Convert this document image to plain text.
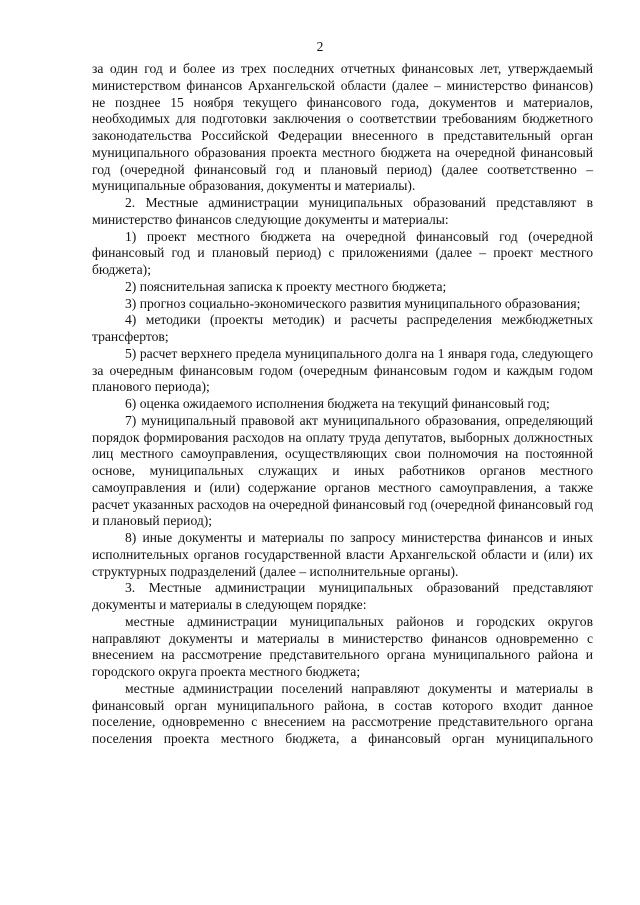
2

за один год и более из трех последних отчетных финансовых лет, утверждаемый министерством финансов Архангельской области (далее – министерство финансов) не позднее 15 ноября текущего финансового года, документов и материалов, необходимых для подготовки заключения о соответствии требованиям бюджетного законодательства Российской Федерации внесенного в представительный орган муниципального образования проекта местного бюджета на очередной финансовый год (очередной финансовый год и плановый период) (далее соответственно – муниципальные образования, документы и материалы).

2. Местные администрации муниципальных образований представляют в министерство финансов следующие документы и материалы:

1) проект местного бюджета на очередной финансовый год (очередной финансовый год и плановый период) с приложениями (далее – проект местного бюджета);

2) пояснительная записка к проекту местного бюджета;

3) прогноз социально-экономического развития муниципального образования;

4) методики (проекты методик) и расчеты распределения межбюджетных трансфертов;

5) расчет верхнего предела муниципального долга на 1 января года, следующего за очередным финансовым годом (очередным финансовым годом и каждым годом планового периода);

6) оценка ожидаемого исполнения бюджета на текущий финансовый год;

7) муниципальный правовой акт муниципального образования, определяющий порядок формирования расходов на оплату труда депутатов, выборных должностных лиц местного самоуправления, осуществляющих свои полномочия на постоянной основе, муниципальных служащих и иных работников органов местного самоуправления и (или) содержание органов местного самоуправления, а также расчет указанных расходов на очередной финансовый год (очередной финансовый год и плановый период);

8) иные документы и материалы по запросу министерства финансов и иных исполнительных органов государственной власти Архангельской области и (или) их структурных подразделений (далее – исполнительные органы).

3. Местные администрации муниципальных образований представляют документы и материалы в следующем порядке:

местные администрации муниципальных районов и городских округов направляют документы и материалы в министерство финансов одновременно с внесением на рассмотрение представительного органа муниципального района и городского округа проекта местного бюджета;

местные администрации поселений направляют документы и материалы в финансовый орган муниципального района, в состав которого входит данное поселение, одновременно с внесением на рассмотрение представительного органа поселения проекта местного бюджета, а финансовый орган муниципального
